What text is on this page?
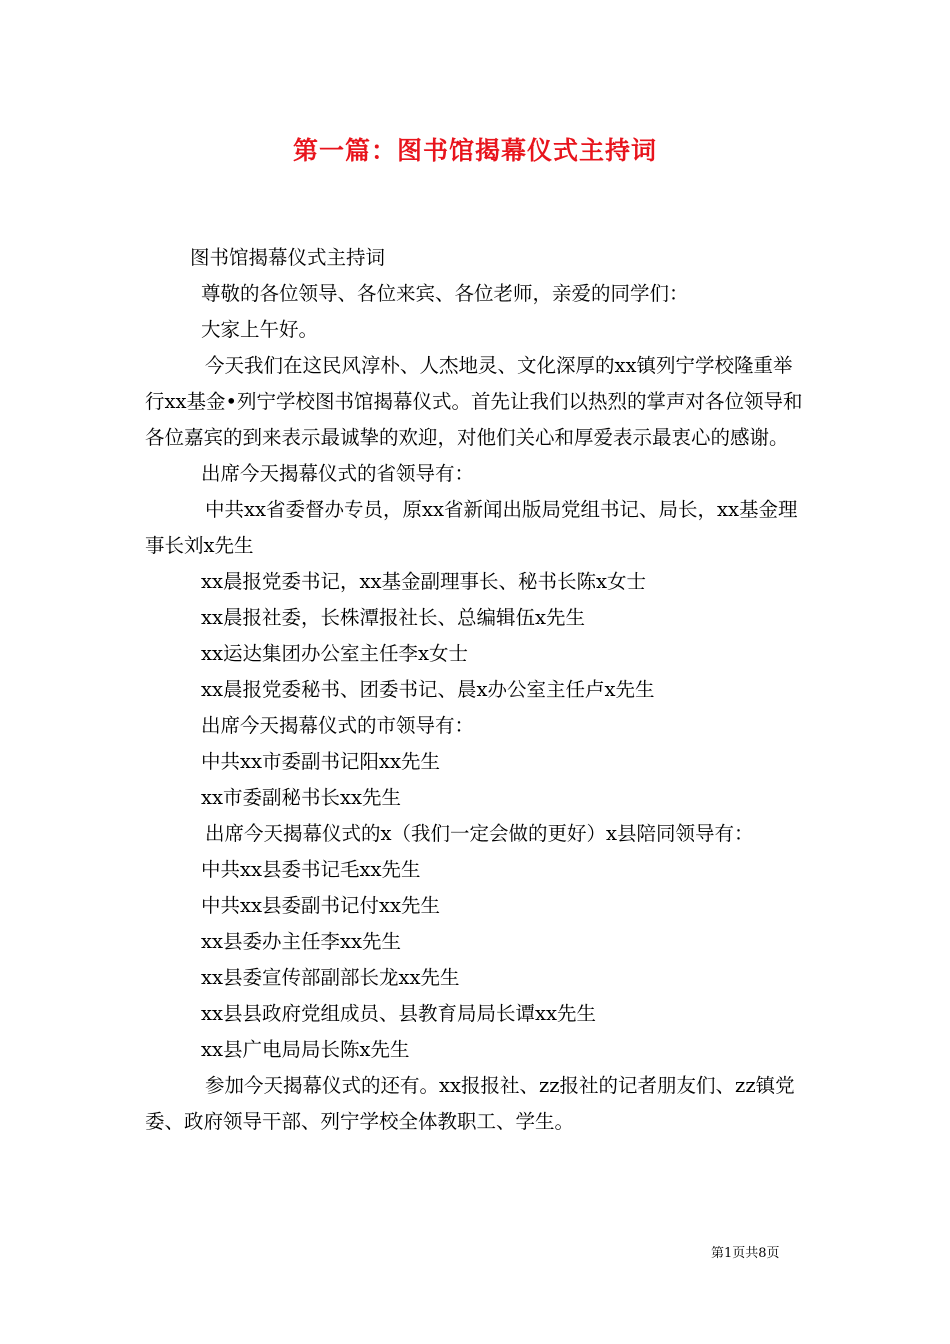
第一篇：图书馆揭幕仪式主持词

图书馆揭幕仪式主持词

尊敬的各位领导、各位来宾、各位老师，亲爱的同学们：

大家上午好。

今天我们在这民风淳朴、人杰地灵、文化深厚的xx镇列宁学校隆重举行xx基金•列宁学校图书馆揭幕仪式。首先让我们以热烈的掌声对各位领导和各位嘉宾的到来表示最诚挚的欢迎，对他们关心和厚爱表示最衷心的感谢。

出席今天揭幕仪式的省领导有：

中共xx省委督办专员，原xx省新闻出版局党组书记、局长，xx基金理事长刘x先生

xx晨报党委书记，xx基金副理事长、秘书长陈x女士

xx晨报社委，长株潭报社长、总编辑伍x先生

xx运达集团办公室主任李x女士

xx晨报党委秘书、团委书记、晨x办公室主任卢x先生

出席今天揭幕仪式的市领导有：

中共xx市委副书记阳xx先生

xx市委副秘书长xx先生

出席今天揭幕仪式的x（我们一定会做的更好）x县陪同领导有：

中共xx县委书记毛xx先生

中共xx县委副书记付xx先生

xx县委办主任李xx先生

xx县委宣传部副部长龙xx先生

xx县县政府党组成员、县教育局局长谭xx先生

xx县广电局局长陈x先生

参加今天揭幕仪式的还有。xx报报社、zz报社的记者朋友们、zz镇党委、政府领导干部、列宁学校全体教职工、学生。

第1页共8页
